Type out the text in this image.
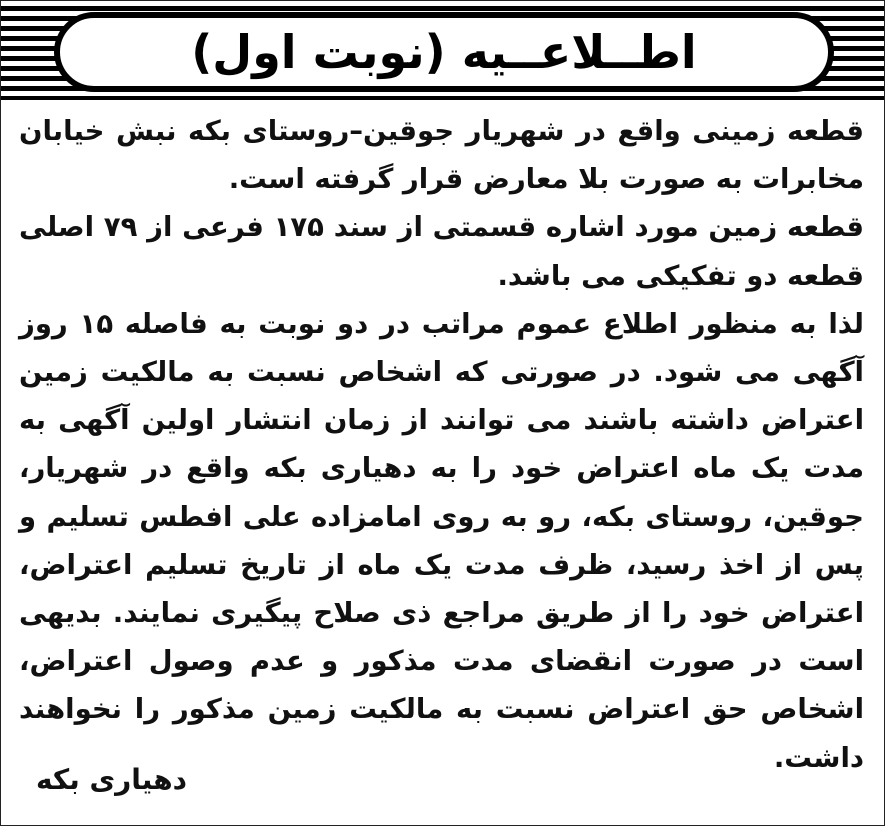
اطــلاعــیه (نوبت اول)

قطعه زمینی واقع در شهریار جوقین–روستای بکه نبش خیابان مخابرات به صورت بلا معارض قرار گرفته است.

قطعه زمین مورد اشاره قسمتی از سند ۱۷۵ فرعی از ۷۹ اصلی قطعه دو تفکیکی می باشد.

لذا به منظور اطلاع عموم مراتب در دو نوبت به فاصله ۱۵ روز آگهی می شود. در صورتی که اشخاص نسبت به مالکیت زمین اعتراض داشته باشند می توانند از زمان انتشار اولین آگهی به مدت یک ماه اعتراض خود را به دهیاری بکه واقع در شهریار، جوقین، روستای بکه، رو به روی امامزاده علی افطس تسلیم و پس از اخذ رسید، ظرف مدت یک ماه از تاریخ تسلیم اعتراض، اعتراض خود را از طریق مراجع ذی صلاح پیگیری نمایند. بدیهی است در صورت انقضای مدت مذکور و عدم وصول اعتراض، اشخاص حق اعتراض نسبت به مالکیت زمین مذکور را نخواهند داشت.

دهیاری بکه
